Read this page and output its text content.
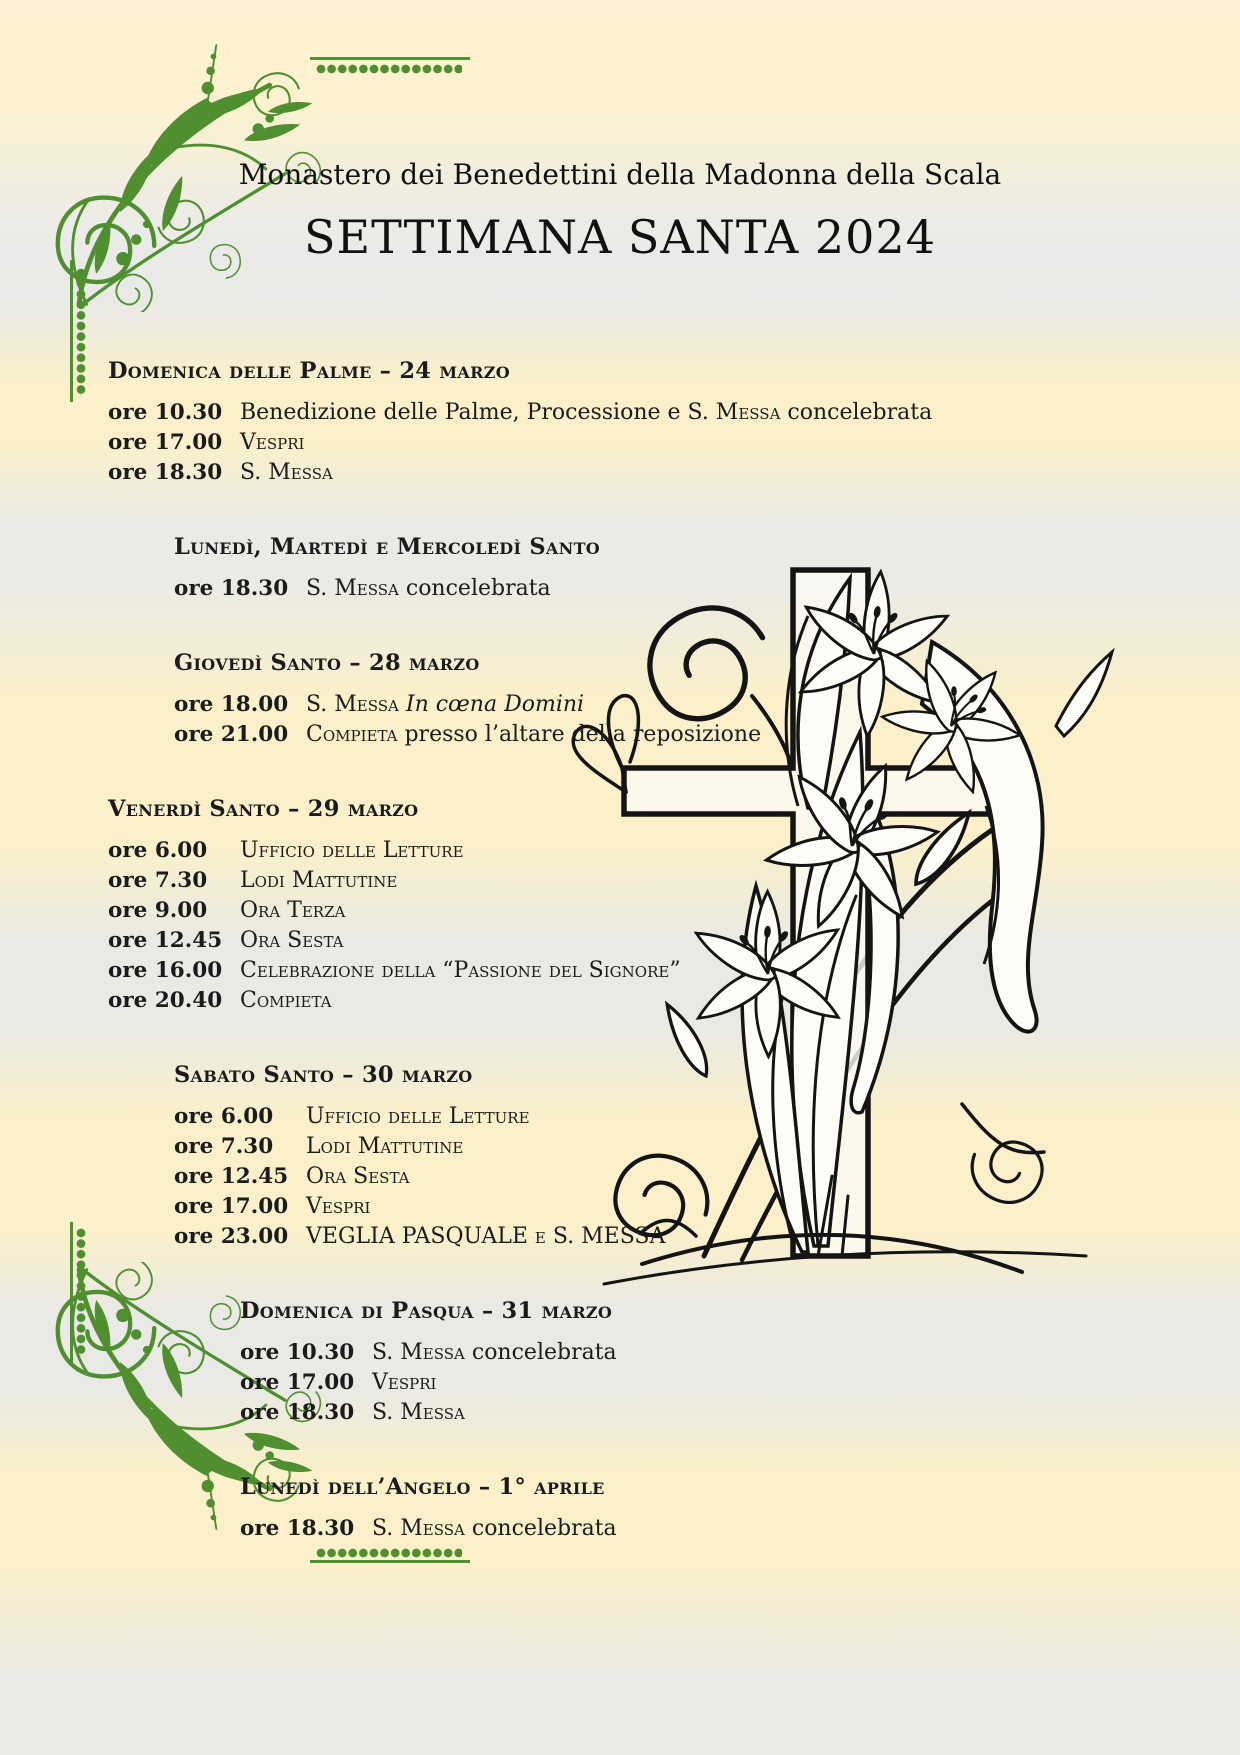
Monastero dei Benedettini della Madonna della Scala
SETTIMANA SANTA 2024
Domenica delle Palme – 24 marzo
ore 10.30 Benedizione delle Palme, Processione e S. Messa concelebrata
ore 17.00 Vespri
ore 18.30 S. Messa
Lunedì, Martedì e Mercoledì Santo
ore 18.30 S. Messa concelebrata
Giovedì Santo – 28 marzo
ore 18.00 S. Messa In cœna Domini
ore 21.00 Compieta presso l’altare della reposizione
Venerdì Santo – 29 marzo
ore 6.00	Ufficio delle Letture
ore 7.30	Lodi Mattutine
ore 9.00	Ora Terza
ore 12.45 Ora Sesta
ore 16.00 Celebrazione della “Passione del Signore”
ore 20.40 Compieta
Sabato Santo – 30 marzo
ore 6.00	Ufficio delle Letture
ore 7.30	Lodi Mattutine
ore 12.45 Ora Sesta
ore 17.00 Vespri
ore 23.00 VEGLIA PASQUALE e S. MESSA
Domenica di Pasqua – 31 marzo
ore 10.30 S. Messa concelebrata
ore 17.00 Vespri
ore 18.30 S. Messa
Lunedì dell’Angelo – 1° aprile
ore 18.30 S. Messa concelebrata
